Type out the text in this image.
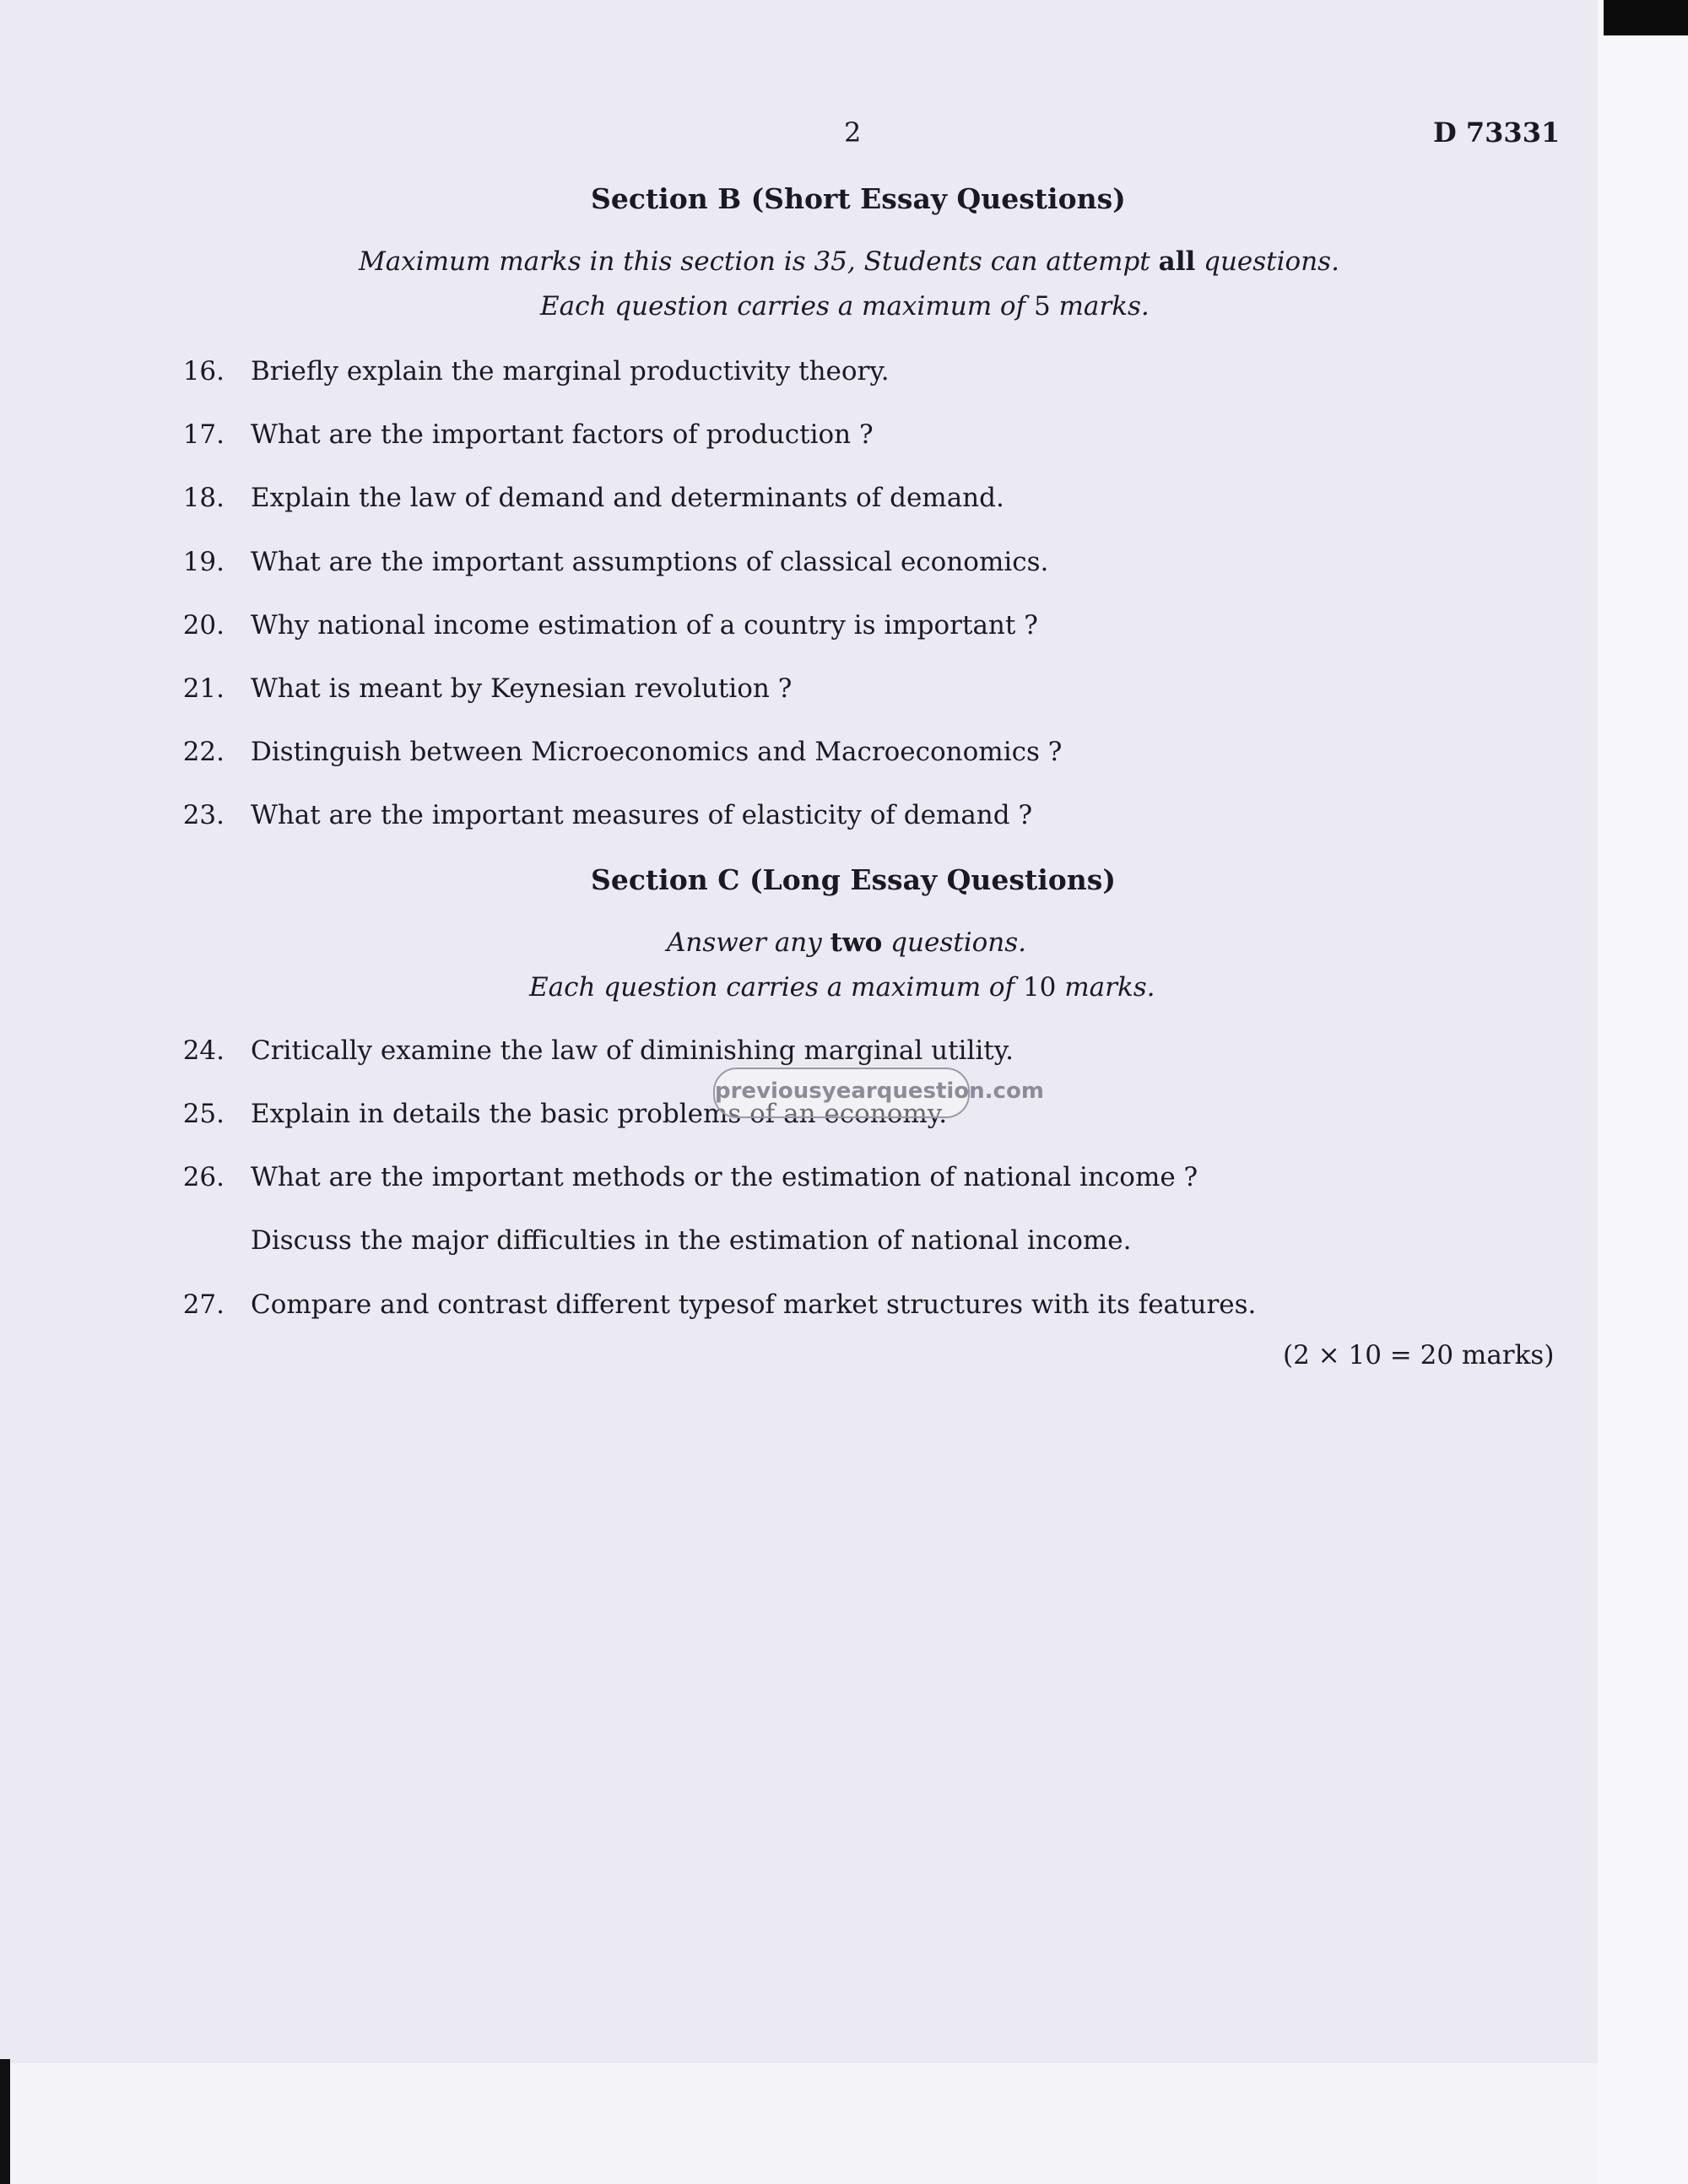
2	D 73331
Section B (Short Essay Questions)
Maximum marks in this section is 35, Students can attempt all questions.
Each question carries a maximum of 5 marks.
16. Briefly explain the marginal productivity theory.
17. What are the important factors of production ?
18. Explain the law of demand and determinants of demand.
19. What are the important assumptions of classical economics.
20. Why national income estimation of a country is important ?
21. What is meant by Keynesian revolution ?
22. Distinguish between Microeconomics and Macroeconomics ?
23. What are the important measures of elasticity of demand ?
Section C (Long Essay Questions)
Answer any two questions.
Each question carries a maximum of 10 marks.
24. Critically examine the law of diminishing marginal utility.
25. Explain in details the basic problems of an economy.
26. What are the important methods or the estimation of national income ?
Discuss the major difficulties in the estimation of national income.
27. Compare and contrast different typesof market structures with its features.
(2 × 10 = 20 marks)
previousyearquestion.com
